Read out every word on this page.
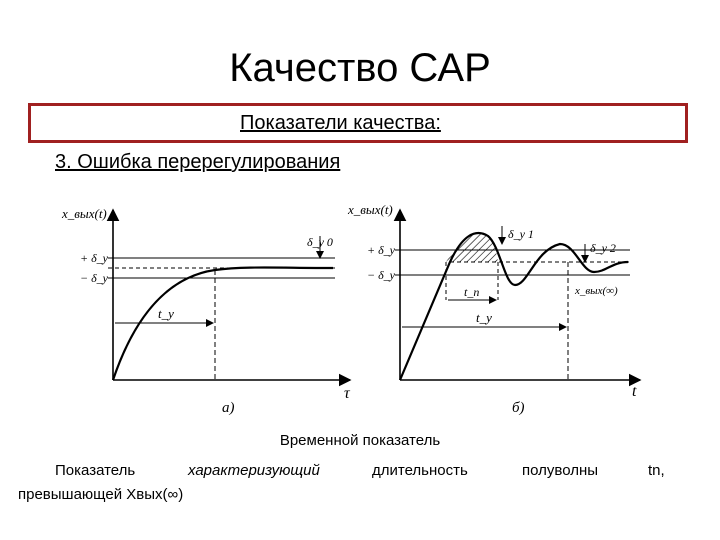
Качество САР
Показатели качества:
3. Ошибка перерегулирования
x_вых(t)
+ δ_y
− δ_y
δ_y 0
t_y
τ
а)
x_вых(t)
+ δ_y
− δ_y
δ_y 1
δ_y 2
x_вых(∞)
t_n
t_y
t
б)
Временной показатель
Показатель	характеризующий	длительность	полуволны	tn,
превышающей Xвых(∞)
